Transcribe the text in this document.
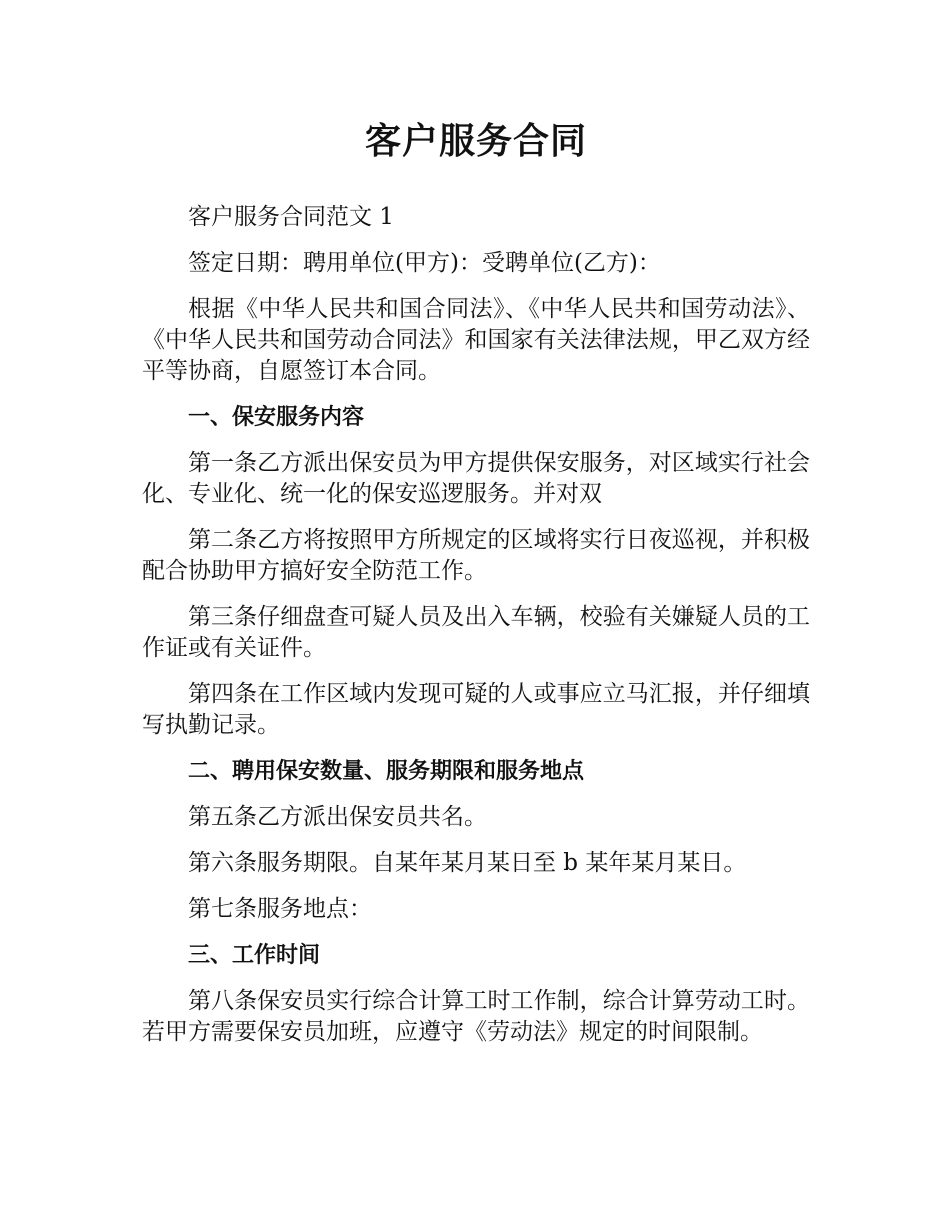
客户服务合同

客户服务合同范文 1

签定日期：聘用单位(甲方)：受聘单位(乙方)：

根据《中华人民共和国合同法》、《中华人民共和国劳动法》、《中华人民共和国劳动合同法》和国家有关法律法规，甲乙双方经平等协商，自愿签订本合同。

一、保安服务内容

第一条乙方派出保安员为甲方提供保安服务，对区域实行社会化、专业化、统一化的保安巡逻服务。并对双

第二条乙方将按照甲方所规定的区域将实行日夜巡视，并积极配合协助甲方搞好安全防范工作。

第三条仔细盘查可疑人员及出入车辆，校验有关嫌疑人员的工作证或有关证件。

第四条在工作区域内发现可疑的人或事应立马汇报，并仔细填写执勤记录。

二、聘用保安数量、服务期限和服务地点

第五条乙方派出保安员共名。

第六条服务期限。自某年某月某日至 b 某年某月某日。

第七条服务地点：

三、工作时间

第八条保安员实行综合计算工时工作制，综合计算劳动工时。若甲方需要保安员加班，应遵守《劳动法》规定的时间限制。
